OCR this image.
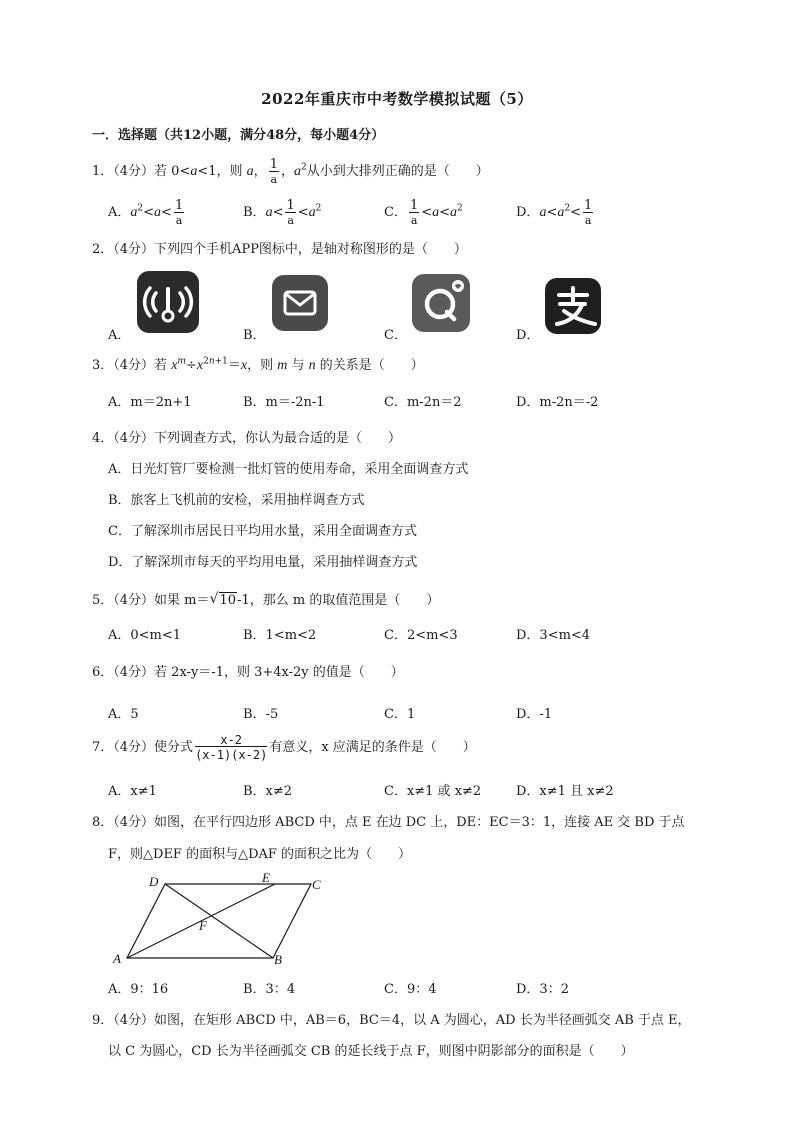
2022年重庆市中考数学模拟试题（5）
一．选择题（共12小题，满分48分，每小题4分）
1．（4分）若 0<a<1，则 a， $\frac{1}{a}$ ，$a^2$从小到大排列正确的是（　　）
A．$a^2<a< \frac{1}{a}$	B．$a< \frac{1}{a} <a^2$	C． $\frac{1}{a} <a<a^2$	D．$a<a^2< \frac{1}{a}$
2．（4分）下列四个手机APP图标中，是轴对称图形的是（　　）
A．	B．	C．	D．
3．（4分）若 $x^m\div x^{2n+1}=x$，则 m 与 n 的关系是（　　）
A．m＝2n+1	B．m＝-2n-1	C．m-2n＝2	D．m-2n＝-2
4．（4分）下列调查方式，你认为最合适的是（　　）
A．日光灯管厂要检测一批灯管的使用寿命，采用全面调查方式
B．旅客上飞机前的安检，采用抽样调查方式
C．了解深圳市居民日平均用水量，采用全面调查方式
D．了解深圳市每天的平均用电量，采用抽样调查方式
5．（4分）如果 m＝ √ 10-1，那么 m 的取值范围是（　　）
A．0<m<1	B．1<m<2	C．2<m<3	D．3<m<4
6．（4分）若 2x-y＝-1，则 3+4x-2y 的值是（　　）
A．5	B．-5	C．1	D．-1
7．（4分）使分式 $\frac{x-2}{(x-1)(x-2)}$ 有意义，x 应满足的条件是（　　）
A．x≠1	B．x≠2	C．x≠1 或 x≠2	D．x≠1 且 x≠2
8．（4分）如图，在平行四边形 ABCD 中，点 E 在边 DC 上，DE：EC＝3：1，连接 AE 交 BD 于点
F，则△DEF 的面积与△DAF 的面积之比为（　　）
D	E	C
F
A	B
A．9：16	B．3：4	C．9：4	D．3：2
9．（4分）如图，在矩形 ABCD 中，AB＝6，BC＝4，以 A 为圆心，AD 长为半径画弧交 AB 于点 E，
以 C 为圆心，CD 长为半径画弧交 CB 的延长线于点 F，则图中阴影部分的面积是（　　）
